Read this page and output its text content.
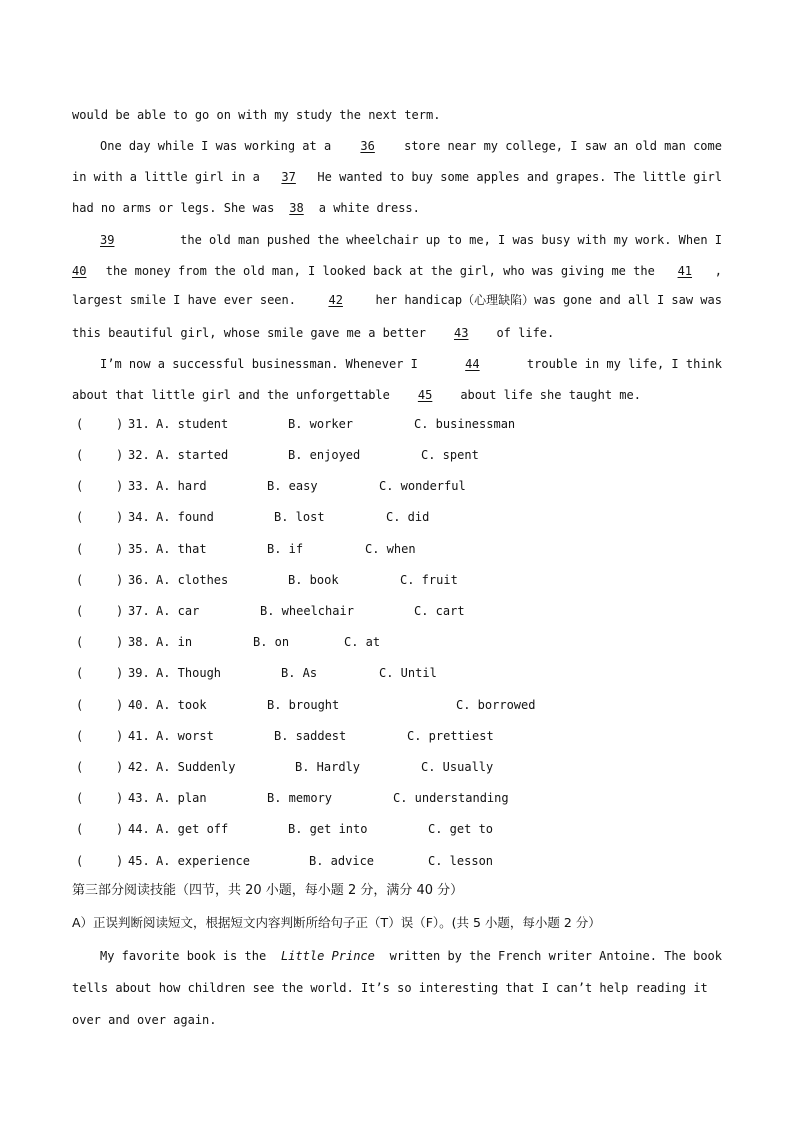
would be able to go on with my study the next term.
One day while I was working at a	36	store near my college, I saw an old man come
in with a little girl in a	37	He wanted to buy some apples and grapes. The little girl
had no arms or legs. She was 38 a white dress.
39	the old man pushed the wheelchair up to me, I was busy with my work. When I
40	the money from the old man, I looked back at the girl, who was giving me the	41	,
largest smile I have ever seen.	42	her handicap（心理缺陷）was gone and all I saw was
this beautiful girl, whose smile gave me a better 43 of life.
I’m now a successful businessman. Whenever I	44	trouble in my life, I think
about that little girl and the unforgettable 45 about life she taught me.
(	) 31. A. student	B. worker	C. businessman
(	) 32. A. started	B. enjoyed	C. spent
(	) 33. A. hard	B. easy	C. wonderful
(	) 34. A. found	B. lost	C. did
(	) 35. A. that	B. if	C. when
(	) 36. A. clothes	B. book	C. fruit
(	) 37. A. car	B. wheelchair	C. cart
(	) 38. A. in	B. on	C. at
(	) 39. A. Though	B. As	C. Until
(	) 40. A. took	B. brought	C. borrowed
(	) 41. A. worst	B. saddest	C. prettiest
(	) 42. A. Suddenly	B. Hardly	C. Usually
(	) 43. A. plan	B. memory	C. understanding
(	) 44. A. get off	B. get into	C. get to
(	) 45. A. experience	B. advice	C. lesson
第三部分阅读技能（四节，共 20 小题，每小题 2 分，满分 40 分）
A）正误判断阅读短文，根据短文内容判断所给句子正（T）误（F）。(共 5 小题，每小题 2 分）
My favorite book is the Little Prince written by the French writer Antoine. The book
tells about how children see the world. It’s so interesting that I can’t help reading it
over and over again.
